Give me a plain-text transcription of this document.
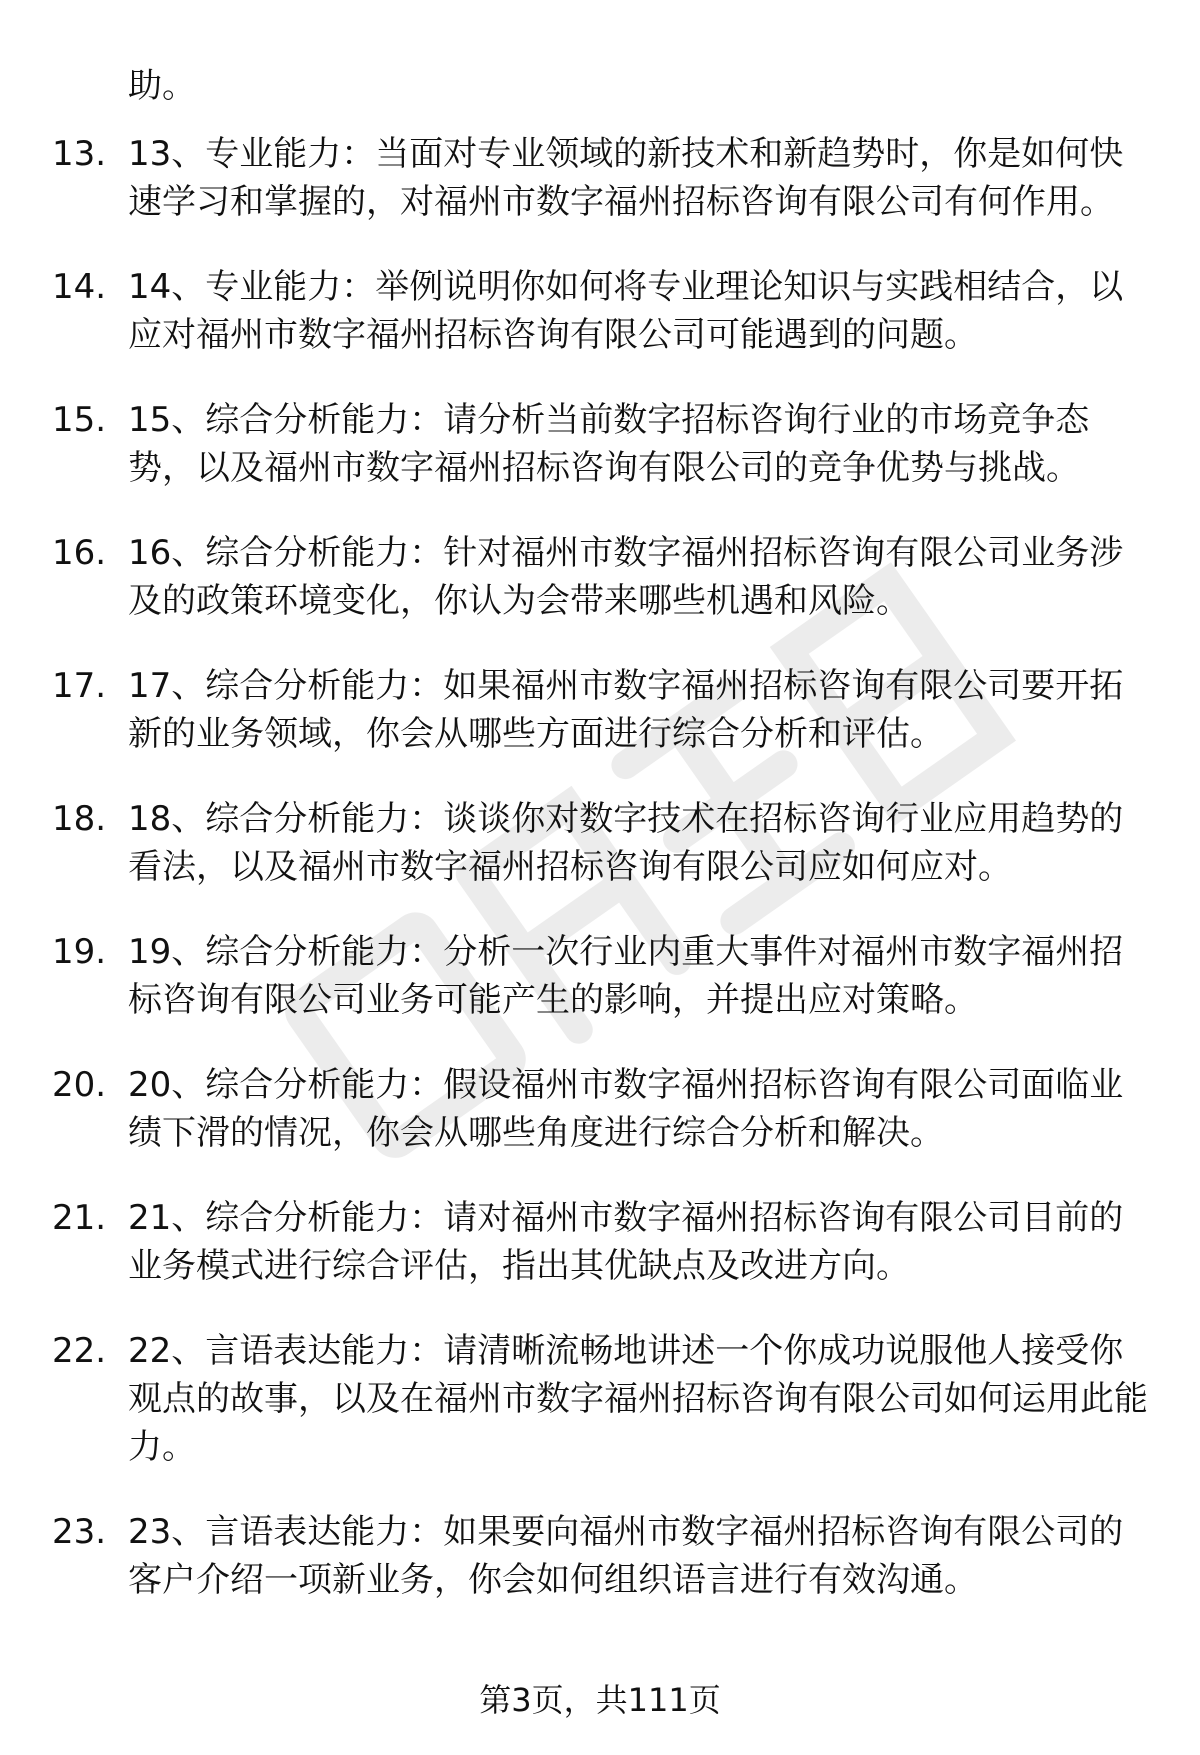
助。

13. 13、专业能力：当面对专业领域的新技术和新趋势时，你是如何快速学习和掌握的，对福州市数字福州招标咨询有限公司有何作用。
14. 14、专业能力：举例说明你如何将专业理论知识与实践相结合，以应对福州市数字福州招标咨询有限公司可能遇到的问题。
15. 15、综合分析能力：请分析当前数字招标咨询行业的市场竞争态势，以及福州市数字福州招标咨询有限公司的竞争优势与挑战。
16. 16、综合分析能力：针对福州市数字福州招标咨询有限公司业务涉及的政策环境变化，你认为会带来哪些机遇和风险。
17. 17、综合分析能力：如果福州市数字福州招标咨询有限公司要开拓新的业务领域，你会从哪些方面进行综合分析和评估。
18. 18、综合分析能力：谈谈你对数字技术在招标咨询行业应用趋势的看法，以及福州市数字福州招标咨询有限公司应如何应对。
19. 19、综合分析能力：分析一次行业内重大事件对福州市数字福州招标咨询有限公司业务可能产生的影响，并提出应对策略。
20. 20、综合分析能力：假设福州市数字福州招标咨询有限公司面临业绩下滑的情况，你会从哪些角度进行综合分析和解决。
21. 21、综合分析能力：请对福州市数字福州招标咨询有限公司目前的业务模式进行综合评估，指出其优缺点及改进方向。
22. 22、言语表达能力：请清晰流畅地讲述一个你成功说服他人接受你观点的故事，以及在福州市数字福州招标咨询有限公司如何运用此能力。
23. 23、言语表达能力：如果要向福州市数字福州招标咨询有限公司的客户介绍一项新业务，你会如何组织语言进行有效沟通。
第3页，共111页
